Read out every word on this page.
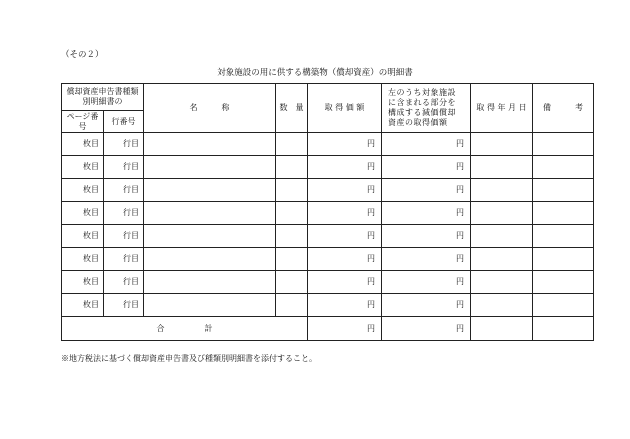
（その２）
対象施設の用に供する構築物（償却資産）の明細書
償却資産申告書種類別明細書の		名　　　称	数　量	取 得 価 額	左のうち対象施設に含まれる部分を構成する減価償却資産の取得価額	取 得 年 月 日	備　　　考
ページ番号	行番号						
枚目	行目			円	円		
枚目	行目			円	円		
枚目	行目			円	円		
枚目	行目			円	円		
枚目	行目			円	円		
枚目	行目			円	円		
枚目	行目			円	円		
枚目	行目			円	円		
合　　　　　計				円	円		
※地方税法に基づく償却資産申告書及び種類別明細書を添付すること。
